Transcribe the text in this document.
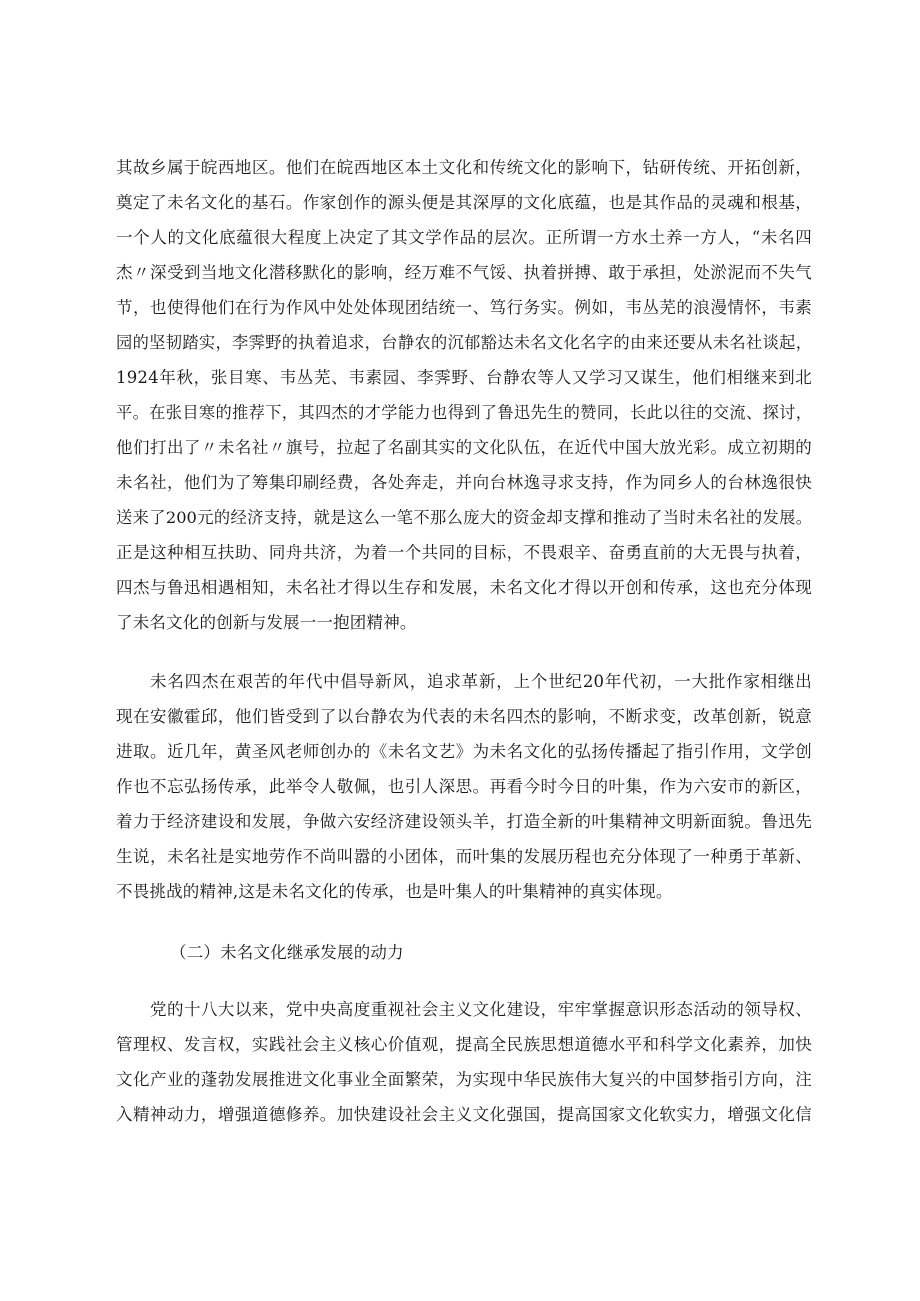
其故乡属于皖西地区。他们在皖西地区本土文化和传统文化的影响下，钻研传统、开拓创新，
奠定了未名文化的基石。作家创作的源头便是其深厚的文化底蕴，也是其作品的灵魂和根基，
一个人的文化底蕴很大程度上决定了其文学作品的层次。正所谓一方水土养一方人，“未名四
杰〃深受到当地文化潜移默化的影响，经万难不气馁、执着拼搏、敢于承担，处淤泥而不失气
节，也使得他们在行为作风中处处体现团结统一、笃行务实。例如，韦丛芜的浪漫情怀，韦素
园的坚韧踏实，李霁野的执着追求，台静农的沉郁豁达未名文化名字的由来还要从未名社谈起，
1924年秋，张目寒、韦丛芜、韦素园、李霁野、台静农等人又学习又谋生，他们相继来到北
平。在张目寒的推荐下，其四杰的才学能力也得到了鲁迅先生的赞同，长此以往的交流、探讨，
他们打出了〃未名社〃旗号，拉起了名副其实的文化队伍，在近代中国大放光彩。成立初期的
未名社，他们为了筹集印刷经费，各处奔走，并向台林逸寻求支持，作为同乡人的台林逸很快
送来了200元的经济支持，就是这么一笔不那么庞大的资金却支撑和推动了当时未名社的发展。
正是这种相互扶助、同舟共济，为着一个共同的目标，不畏艰辛、奋勇直前的大无畏与执着，
四杰与鲁迅相遇相知，未名社才得以生存和发展，未名文化才得以开创和传承，这也充分体现
了未名文化的创新与发展一一抱团精神。
未名四杰在艰苦的年代中倡导新风，追求革新，上个世纪20年代初，一大批作家相继出
现在安徽霍邱，他们皆受到了以台静农为代表的未名四杰的影响，不断求变，改革创新，锐意
进取。近几年，黄圣风老师创办的《未名文艺》为未名文化的弘扬传播起了指引作用，文学创
作也不忘弘扬传承，此举令人敬佩，也引人深思。再看今时今日的叶集，作为六安市的新区，
着力于经济建设和发展，争做六安经济建设领头羊，打造全新的叶集精神文明新面貌。鲁迅先
生说，未名社是实地劳作不尚叫嚣的小团体，而叶集的发展历程也充分体现了一种勇于革新、
不畏挑战的精神,这是未名文化的传承，也是叶集人的叶集精神的真实体现。
（二）未名文化继承发展的动力
党的十八大以来，党中央高度重视社会主义文化建设，牢牢掌握意识形态活动的领导权、
管理权、发言权，实践社会主义核心价值观，提高全民族思想道德水平和科学文化素养，加快
文化产业的蓬勃发展推进文化事业全面繁荣，为实现中华民族伟大复兴的中国梦指引方向，注
入精神动力，增强道德修养。加快建设社会主义文化强国，提高国家文化软实力，增强文化信
